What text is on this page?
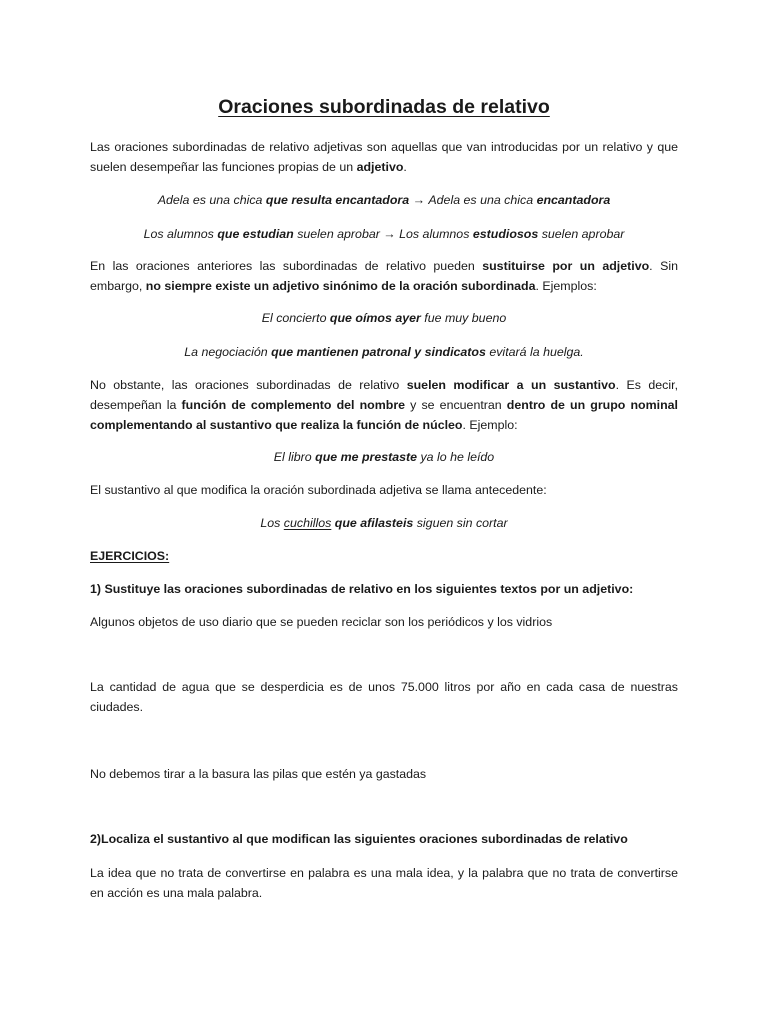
Oraciones subordinadas de relativo

Las oraciones subordinadas de relativo adjetivas son aquellas que van introducidas por un relativo y que suelen desempeñar las funciones propias de un adjetivo.

Adela es una chica que resulta encantadora → Adela es una chica encantadora

Los alumnos que estudian suelen aprobar → Los alumnos estudiosos suelen aprobar

En las oraciones anteriores las subordinadas de relativo pueden sustituirse por un adjetivo. Sin embargo, no siempre existe un adjetivo sinónimo de la oración subordinada. Ejemplos:

El concierto que oímos ayer fue muy bueno

La negociación que mantienen patronal y sindicatos evitará la huelga.

No obstante, las oraciones subordinadas de relativo suelen modificar a un sustantivo. Es decir, desempeñan la función de complemento del nombre y se encuentran dentro de un grupo nominal complementando al sustantivo que realiza la función de núcleo. Ejemplo:

El libro que me prestaste ya lo he leído

El sustantivo al que modifica la oración subordinada adjetiva se llama antecedente:

Los cuchillos que afilasteis siguen sin cortar

EJERCICIOS:

1) Sustituye las oraciones subordinadas de relativo en los siguientes textos por un adjetivo:

Algunos objetos de uso diario que se pueden reciclar son los periódicos y los vidrios

La cantidad de agua que se desperdicia es de unos 75.000 litros por año en cada casa de nuestras ciudades.

No debemos tirar a la basura las pilas que estén ya gastadas

2)Localiza el sustantivo al que modifican las siguientes oraciones subordinadas de relativo

La idea que no trata de convertirse en palabra es una mala idea, y la palabra que no trata de convertirse en acción es una mala palabra.
